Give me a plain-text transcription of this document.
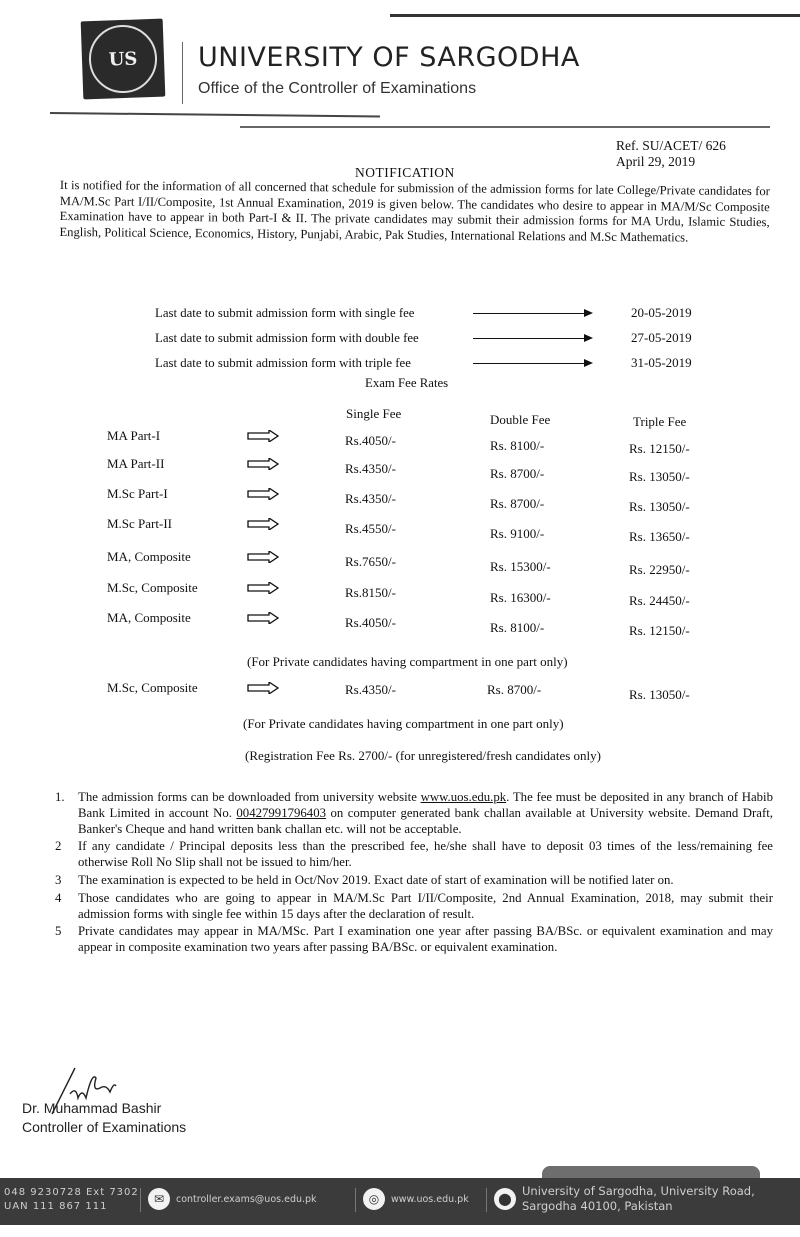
US UNIVERSITY OF SARGODHA
Office of the Controller of Examinations
Ref. SU/ACET/ 626
April 29, 2019
NOTIFICATION
It is notified for the information of all concerned that schedule for submission of the admission forms for late College/Private candidates for MA/M.Sc Part I/II/Composite, 1st Annual Examination, 2019 is given below. The candidates who desire to appear in MA/M/Sc Composite Examination have to appear in both Part-I & II. The private candidates may submit their admission forms for MA Urdu, Islamic Studies, English, Political Science, Economics, History, Punjabi, Arabic, Pak Studies, International Relations and M.Sc Mathematics.
Last date to submit admission form with single fee	20-05-2019
Last date to submit admission form with double fee	27-05-2019
Last date to submit admission form with triple fee	31-05-2019
Exam Fee Rates
Single Fee	Double Fee	Triple Fee
MA Part-I	Rs.4050/-	Rs. 8100/-	Rs. 12150/-
MA Part-II	Rs.4350/-	Rs. 8700/-	Rs. 13050/-
M.Sc Part-I	Rs.4350/-	Rs. 8700/-	Rs. 13050/-
M.Sc Part-II	Rs.4550/-	Rs. 9100/-	Rs. 13650/-
MA, Composite	Rs.7650/-	Rs. 15300/-	Rs. 22950/-
M.Sc, Composite	Rs.8150/-	Rs. 16300/-	Rs. 24450/-
MA, Composite	Rs.4050/-	Rs. 8100/-	Rs. 12150/-
(For Private candidates having compartment in one part only)
M.Sc, Composite	Rs.4350/-	Rs. 8700/-	Rs. 13050/-
(For Private candidates having compartment in one part only)
(Registration Fee Rs. 2700/- (for unregistered/fresh candidates only)
1.	The admission forms can be downloaded from university website www.uos.edu.pk. The fee must be deposited in any branch of Habib Bank Limited in account No. 00427991796403 on computer generated bank challan available at University website. Demand Draft, Banker's Cheque and hand written bank challan etc. will not be acceptable.
2	If any candidate / Principal deposits less than the prescribed fee, he/she shall have to deposit 03 times of the less/remaining fee otherwise Roll No Slip shall not be issued to him/her.
3	The examination is expected to be held in Oct/Nov 2019. Exact date of start of examination will be notified later on.
4	Those candidates who are going to appear in MA/M.Sc Part I/II/Composite, 2nd Annual Examination, 2018, may submit their admission forms with single fee within 15 days after the declaration of result.
5	Private candidates may appear in MA/MSc. Part I examination one year after passing BA/BSc. or equivalent examination and may appear in composite examination two years after passing BA/BSc. or equivalent examination.
Dr. Muhammad Bashir
Controller of Examinations
048 9230728 Ext 7302
UAN 111 867 111
✉	controller.exams@uos.edu.pk	◎	www.uos.edu.pk	⬤
University of Sargodha, University Road,
Sargodha 40100, Pakistan
